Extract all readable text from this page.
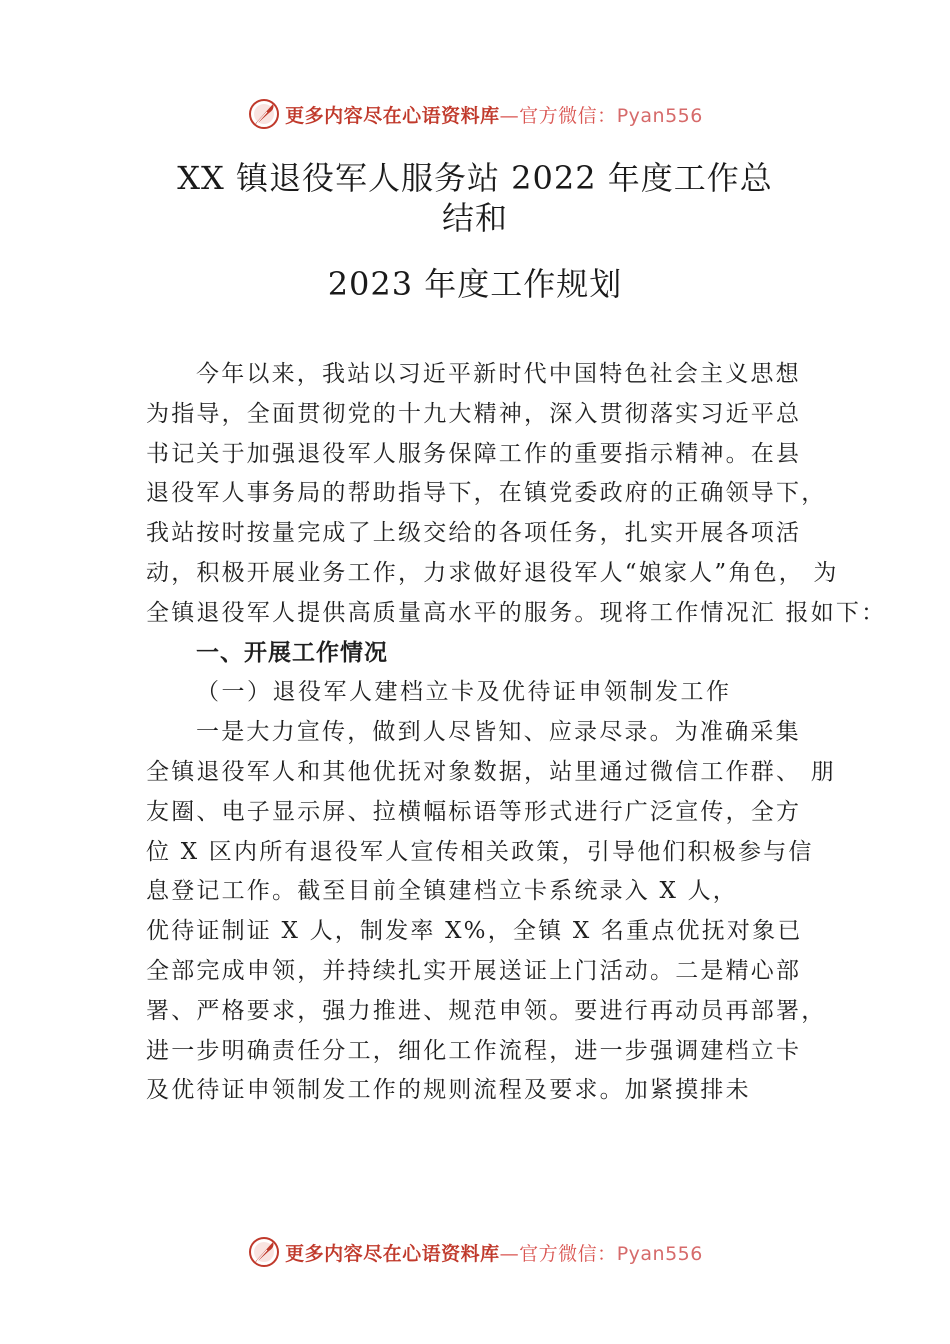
更多内容尽在心语资料库—官方微信：Pyan556
XX 镇退役军人服务站 2022 年度工作总
结和
2023 年度工作规划
今年以来，我站以习近平新时代中国特色社会主义思想
为指导，全面贯彻党的十九大精神，深入贯彻落实习近平总
书记关于加强退役军人服务保障工作的重要指示精神。在县
退役军人事务局的帮助指导下，在镇党委政府的正确领导下，
我站按时按量完成了上级交给的各项任务，扎实开展各项活
动，积极开展业务工作，力求做好退役军人“娘家人”角色， 为
全镇退役军人提供高质量高水平的服务。现将工作情况汇 报如下：
一、开展工作情况
（一）退役军人建档立卡及优待证申领制发工作
一是大力宣传，做到人尽皆知、应录尽录。为准确采集
全镇退役军人和其他优抚对象数据，站里通过微信工作群、 朋
友圈、电子显示屏、拉横幅标语等形式进行广泛宣传，全方
位 X 区内所有退役军人宣传相关政策，引导他们积极参与信
息登记工作。截至目前全镇建档立卡系统录入 X 人，
优待证制证 X 人，制发率 X%，全镇 X 名重点优抚对象已
全部完成申领，并持续扎实开展送证上门活动。二是精心部
署、严格要求，强力推进、规范申领。要进行再动员再部署，
进一步明确责任分工，细化工作流程，进一步强调建档立卡
及优待证申领制发工作的规则流程及要求。加紧摸排未
更多内容尽在心语资料库—官方微信：Pyan556
